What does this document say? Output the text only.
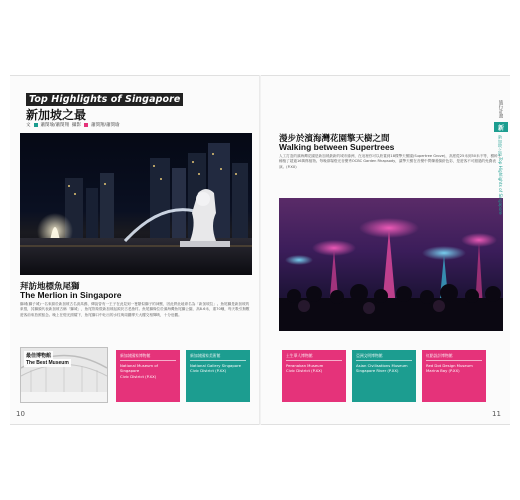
Top Highlights of Singapore
新加坡之最
文 蕭閔瑜/蕭閔翔 攝影 蕭閔翔/蕭閔瑜
拜訪地標魚尾獅
The Merlion in Singapore
獅城(獅子城)一名來源於新加坡古名淡馬錫，傳說曾有一王子在此見到一隻類似獅子的神獸，因此將此地命名為「新加坡拉」。魚尾獅是新加坡的象徵，其獅頭代表新加坡古稱「獅城」，魚尾則象徵新加坡起源於古老漁村。魚尾獅像位於濱海灣魚尾獅公園，高8.6米，重70噸，每天吸引無數遊客前來拍照留念。晚上在燈光照耀下，魚尾獅口中吐出的水柱與周圍摩天大樓交相輝映，十分壯觀。
最佳博物館
The Best Museum
新加坡國家博物館
National Museum of Singapore
Civic District (P.XX)
新加坡國家美術館
National Gallery Singapore
Civic District (P.XX)
10
漫步於濱海灣花園擎天樹之間
Walking between Supertrees
人工打造的濱海灣花園是新加坡最新的城市綠洲，在這裡你可以欣賞到18棵擎天樹園(Supertree Grove)，高度從25米到50米不等，樹幹上種植了超過16萬株植物。每晚兩場燈光音樂秀OCBC Garden Rhapsody，讓擎天樹在音樂中閃爍著繽紛色彩，是遊客不可錯過的免費表演。(P.XX)
土生華人博物館
Peranakan Museum
Civic District (P.XX)
亞洲文明博物館
Asian Civilisations Museum
Singapore River (P.XX)
紅點設計博物館
Red Dot Design Museum
Marina Bay (P.XX)
11
旅行計畫
新
新加坡之最 Top Highlights of Singapore
